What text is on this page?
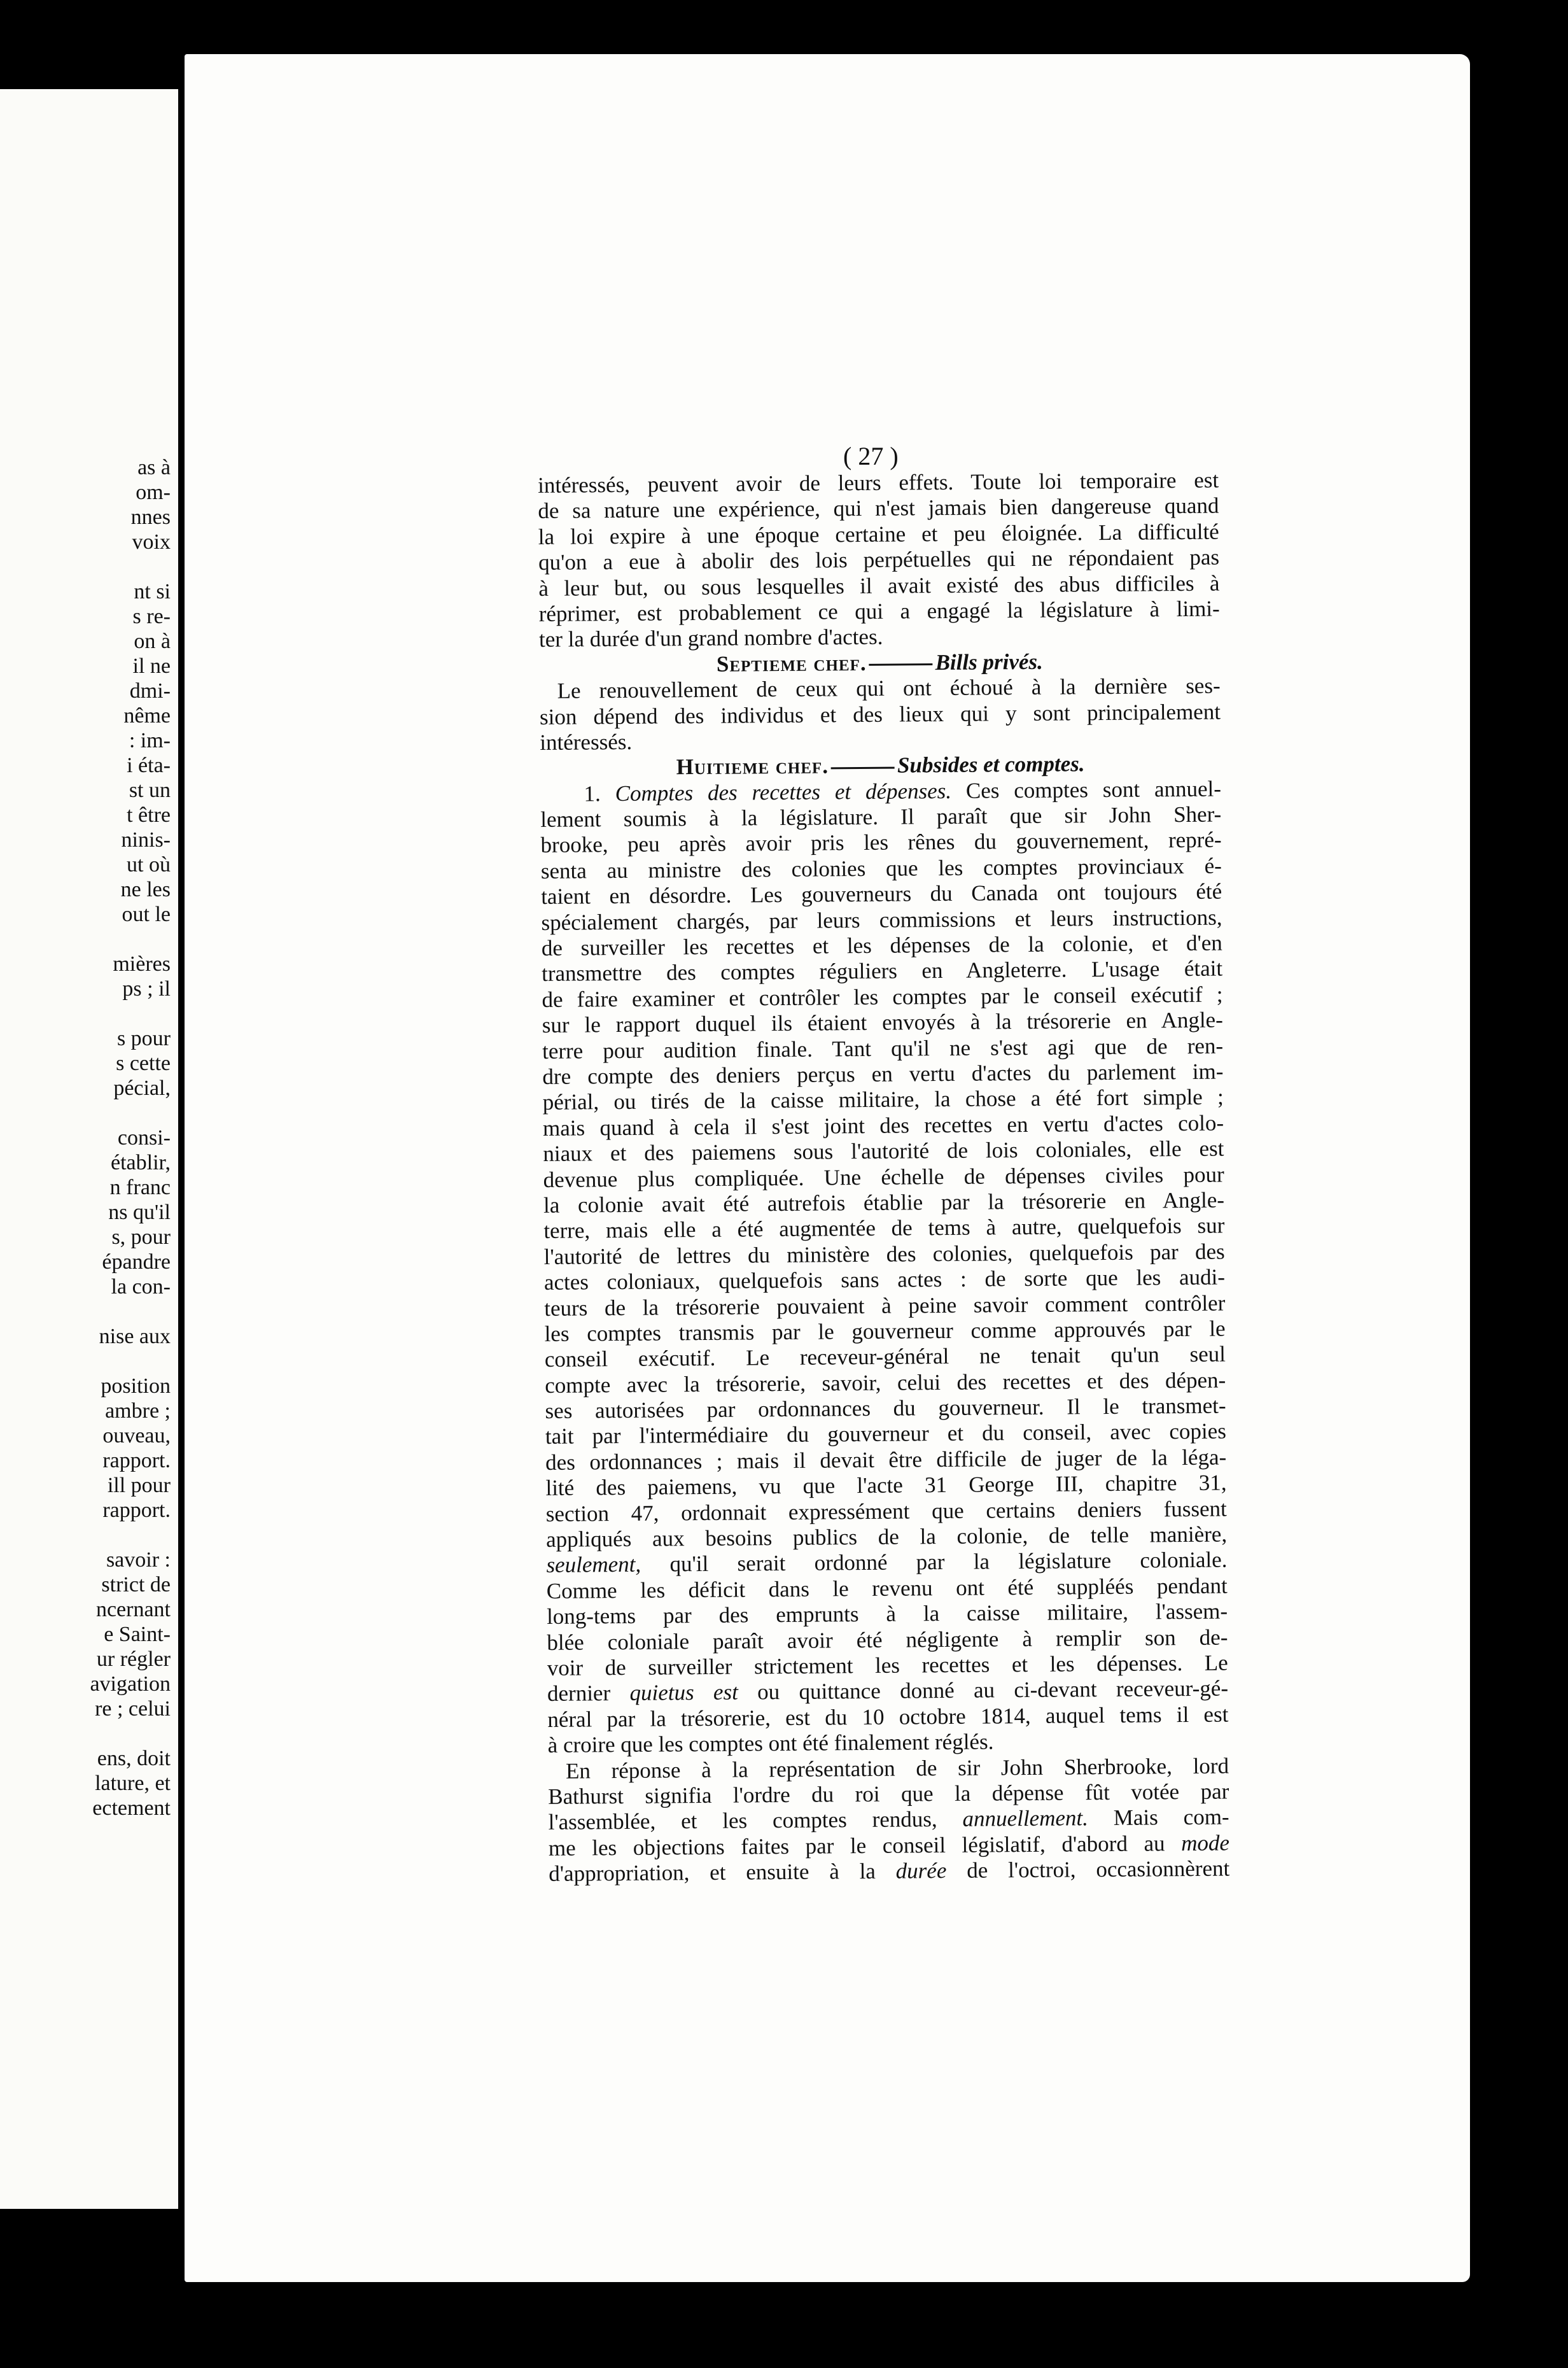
as à
om-
nnes
voix
nt si
s re-
on à
il ne
dmi-
nême
: im-
i éta-
st un
t être
ninis-
ut où
ne les
out le
mières
ps ; il
s pour
s cette
pécial,
consi-
établir,
n franc
ns qu'il
s, pour
épandre
la con-
nise aux
position
ambre ;
ouveau,
rapport.
ill pour
rapport.
savoir :
strict de
ncernant
e Saint-
ur régler
avigation
re ; celui
ens, doit
lature, et
ectement
( 27 )
intéressés, peuvent avoir de leurs effets. Toute loi temporaire est
de sa nature une expérience, qui n'est jamais bien dangereuse quand
la loi expire à une époque certaine et peu éloignée. La difficulté
qu'on a eue à abolir des lois perpétuelles qui ne répondaient pas
à leur but, ou sous lesquelles il avait existé des abus difficiles à
réprimer, est probablement ce qui a engagé la législature à limi-
ter la durée d'un grand nombre d'actes.
Septieme chef.	Bills privés.
Le renouvellement de ceux qui ont échoué à la dernière ses-
sion dépend des individus et des lieux qui y sont principalement
intéressés.
Huitieme chef.	Subsides et comptes.
1. Comptes des recettes et dépenses. Ces comptes sont annuel-
lement soumis à la législature. Il paraît que sir John Sher-
brooke, peu après avoir pris les rênes du gouvernement, repré-
senta au ministre des colonies que les comptes provinciaux é-
taient en désordre. Les gouverneurs du Canada ont toujours été
spécialement chargés, par leurs commissions et leurs instructions,
de surveiller les recettes et les dépenses de la colonie, et d'en
transmettre des comptes réguliers en Angleterre. L'usage était
de faire examiner et contrôler les comptes par le conseil exécutif ;
sur le rapport duquel ils étaient envoyés à la trésorerie en Angle-
terre pour audition finale. Tant qu'il ne s'est agi que de ren-
dre compte des deniers perçus en vertu d'actes du parlement im-
périal, ou tirés de la caisse militaire, la chose a été fort simple ;
mais quand à cela il s'est joint des recettes en vertu d'actes colo-
niaux et des paiemens sous l'autorité de lois coloniales, elle est
devenue plus compliquée. Une échelle de dépenses civiles pour
la colonie avait été autrefois établie par la trésorerie en Angle-
terre, mais elle a été augmentée de tems à autre, quelquefois sur
l'autorité de lettres du ministère des colonies, quelquefois par des
actes coloniaux, quelquefois sans actes : de sorte que les audi-
teurs de la trésorerie pouvaient à peine savoir comment contrôler
les comptes transmis par le gouverneur comme approuvés par le
conseil exécutif. Le receveur-général ne tenait qu'un seul
compte avec la trésorerie, savoir, celui des recettes et des dépen-
ses autorisées par ordonnances du gouverneur. Il le transmet-
tait par l'intermédiaire du gouverneur et du conseil, avec copies
des ordonnances ; mais il devait être difficile de juger de la léga-
lité des paiemens, vu que l'acte 31 George III, chapitre 31,
section 47, ordonnait expressément que certains deniers fussent
appliqués aux besoins publics de la colonie, de telle manière,
seulement, qu'il serait ordonné par la législature coloniale.
Comme les déficit dans le revenu ont été suppléés pendant
long-tems par des emprunts à la caisse militaire, l'assem-
blée coloniale paraît avoir été négligente à remplir son de-
voir de surveiller strictement les recettes et les dépenses. Le
dernier quietus est ou quittance donné au ci-devant receveur-gé-
néral par la trésorerie, est du 10 octobre 1814, auquel tems il est
à croire que les comptes ont été finalement réglés.
En réponse à la représentation de sir John Sherbrooke, lord
Bathurst signifia l'ordre du roi que la dépense fût votée par
l'assemblée, et les comptes rendus, annuellement. Mais com-
me les objections faites par le conseil législatif, d'abord au mode
d'appropriation, et ensuite à la durée de l'octroi, occasionnèrent
